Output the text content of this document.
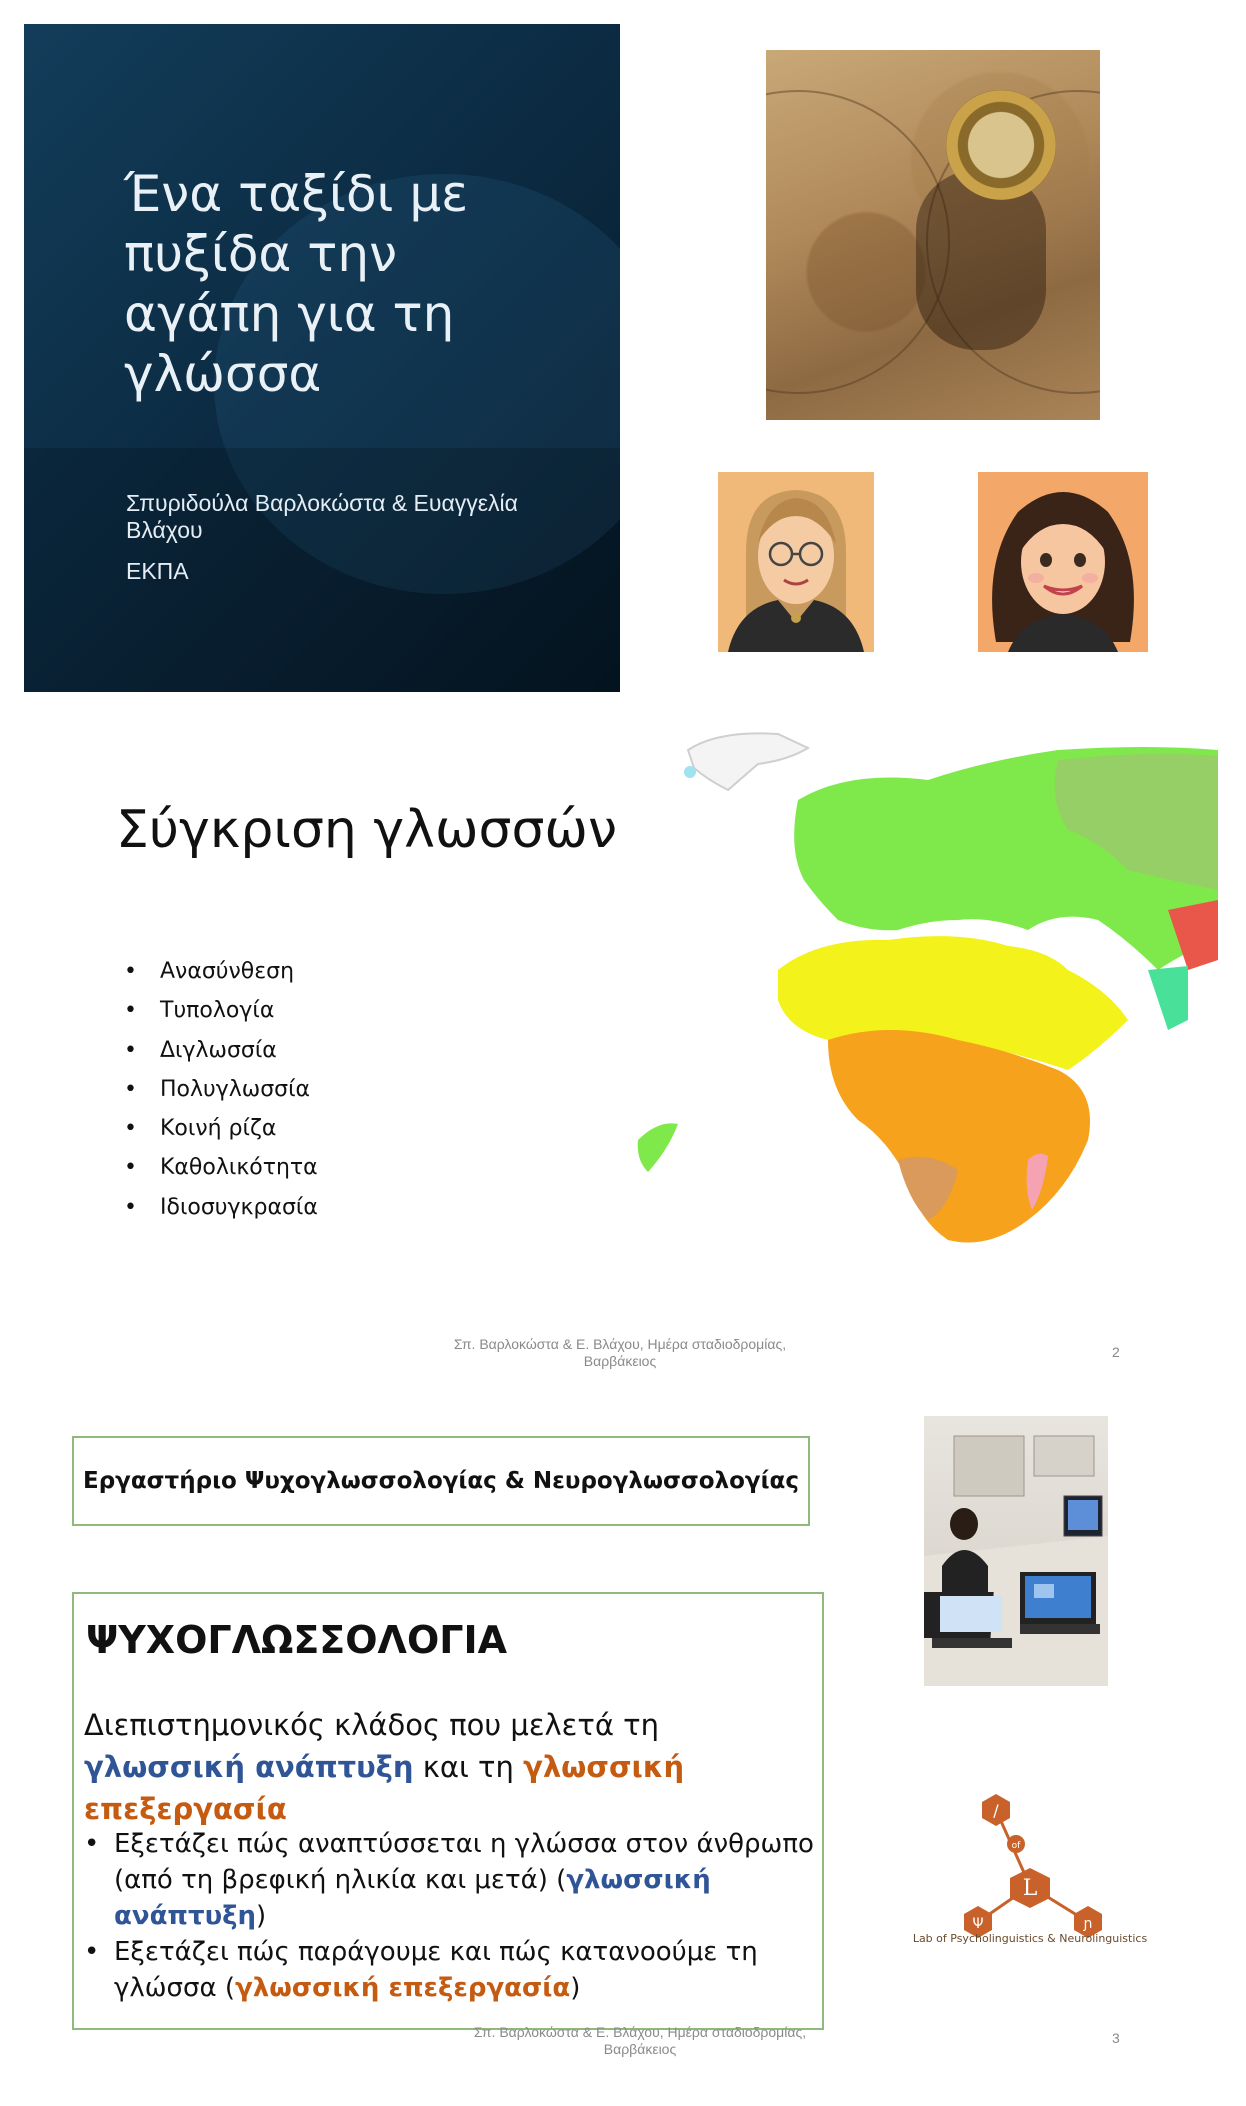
Ένα ταξίδι με πυξίδα την αγάπη για τη γλώσσα
Σπυριδούλα Βαρλοκώστα & Ευαγγελία Βλάχου
ΕΚΠΑ
Σύγκριση γλωσσών
• Ανασύνθεση
• Τυπολογία
• Διγλωσσία
• Πολυγλωσσία
• Κοινή ρίζα
• Καθολικότητα
• Ιδιοσυγκρασία
Σπ. Βαρλοκώστα & Ε. Βλάχου, Ημέρα σταδιοδρομίας, Βαρβάκειος
2
Εργαστήριο Ψυχογλωσσολογίας & Νευρογλωσσολογίας
ΨΥΧΟΓΛΩΣΣΟΛΟΓΙΑ

Διεπιστημονικός κλάδος που μελετά τη γλωσσική ανάπτυξη και τη γλωσσική επεξεργασία

• Εξετάζει πώς αναπτύσσεται η γλώσσα στον άνθρωπο (από τη βρεφική ηλικία και μετά) (γλωσσική ανάπτυξη)
• Εξετάζει πώς παράγουμε και πώς κατανοούμε τη γλώσσα (γλωσσική επεξεργασία)
Σπ. Βαρλοκώστα & Ε. Βλάχου, Ημέρα σταδιοδρομίας, Βαρβάκειος
3
/
of
L
Ψ	ɲ
Lab of Psycholinguistics & Neurolinguistics
